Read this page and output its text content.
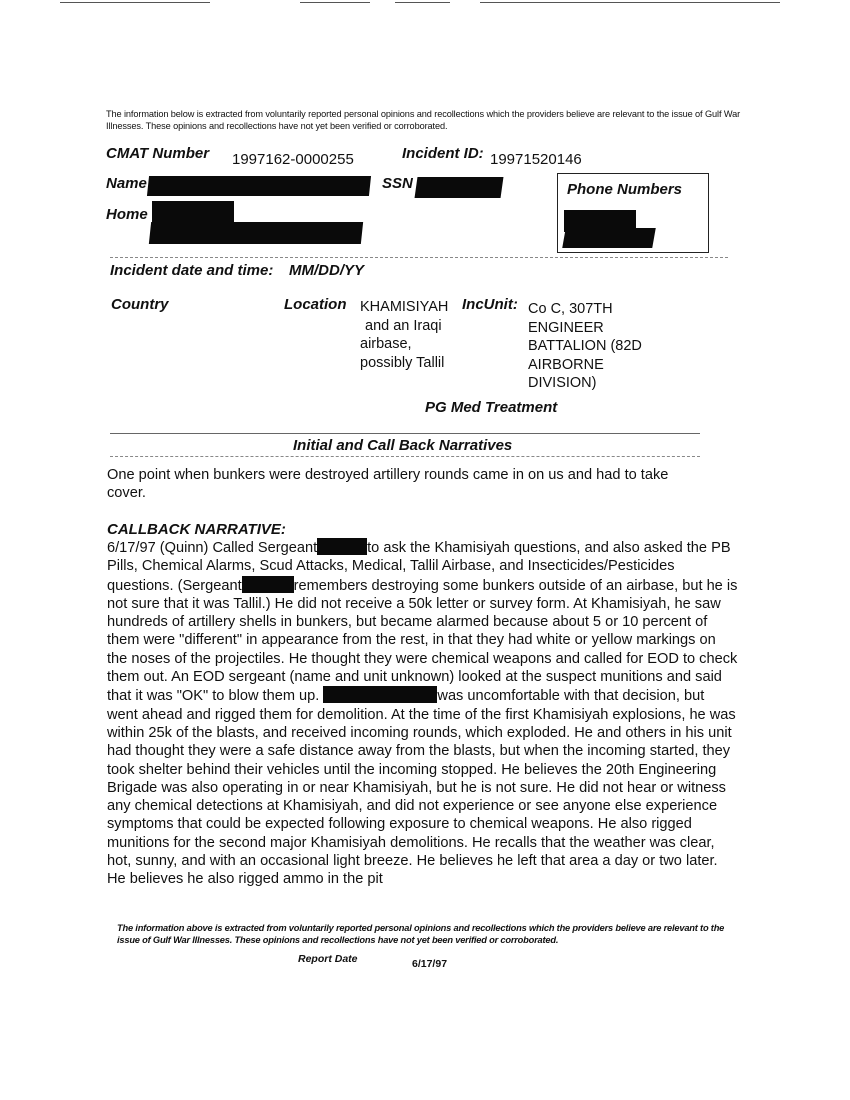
The information below is extracted from voluntarily reported personal opinions and recollections which the providers believe are relevant to the issue of Gulf War Illnesses. These opinions and recollections have not yet been verified or corroborated.
CMAT Number 1997162-0000255	Incident ID: 19971520146
Name	SSN
Home
Phone Numbers
Incident date and time: MM/DD/YY
Country	Location KHAMISIYAH
and an Iraqi
airbase,
possibly Tallil
IncUnit: Co C, 307TH
ENGINEER
BATTALION (82D
AIRBORNE
DIVISION)
PG Med Treatment
Initial and Call Back Narratives
One point when bunkers were destroyed artillery rounds came in on us and had to take cover.
CALLBACK NARRATIVE:

6/17/97 (Quinn) Called Sergeant	to ask the Khamisiyah questions, and also asked the PB Pills, Chemical Alarms, Scud Attacks, Medical, Tallil Airbase, and Insecticides/Pesticides questions. (Sergeant	remembers destroying some bunkers outside of an airbase, but he is not sure that it was Tallil.) He did not receive a 50k letter or survey form. At Khamisiyah, he saw hundreds of artillery shells in bunkers, but became alarmed because about 5 or 10 percent of them were "different" in appearance from the rest, in that they had white or yellow markings on the noses of the projectiles. He thought they were chemical weapons and called for EOD to check them out. An EOD sergeant (name and unit unknown) looked at the suspect munitions and said that it was "OK" to blow them up.	was uncomfortable with that decision, but went ahead and rigged them for demolition. At the time of the first Khamisiyah explosions, he was within 25k of the blasts, and received incoming rounds, which exploded. He and others in his unit had thought they were a safe distance away from the blasts, but when the incoming started, they took shelter behind their vehicles until the incoming stopped. He believes the 20th Engineering Brigade was also operating in or near Khamisiyah, but he is not sure. He did not hear or witness any chemical detections at Khamisiyah, and did not experience or see anyone else experience symptoms that could be expected following exposure to chemical weapons. He also rigged munitions for the second major Khamisiyah demolitions. He recalls that the weather was clear, hot, sunny, and with an occasional light breeze. He believes he left that area a day or two later. He believes he also rigged ammo in the pit

The information above is extracted from voluntarily reported personal opinions and recollections which the providers believe are relevant to the issue of Gulf War Illnesses. These opinions and recollections have not yet been verified or corroborated.
Report Date	6/17/97
